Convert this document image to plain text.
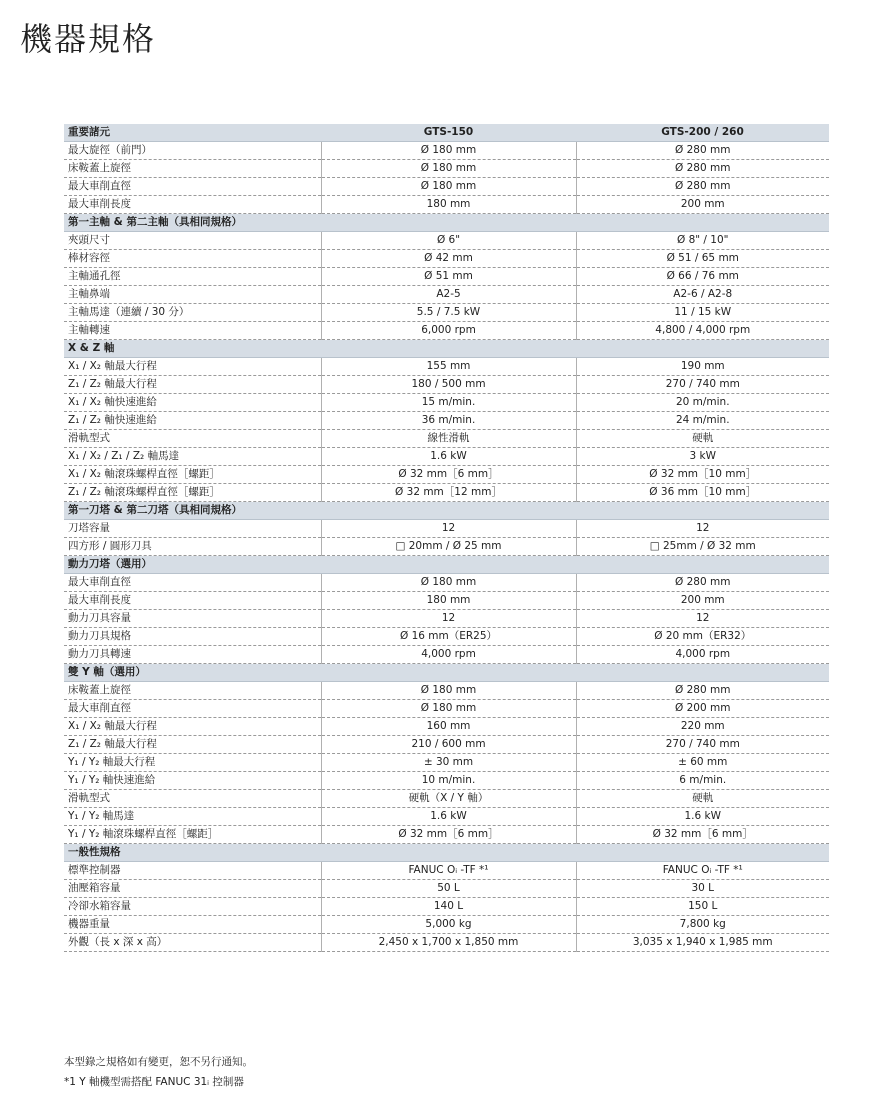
機器規格
重要諸元	GTS-150	GTS-200 / 260
最大旋徑（前門）	Ø 180 mm	Ø 280 mm
床鞍蓋上旋徑	Ø 180 mm	Ø 280 mm
最大車削直徑	Ø 180 mm	Ø 280 mm
最大車削長度	180 mm	200 mm
第一主軸 & 第二主軸（具相同規格）		
夾頭尺寸	Ø 6"	Ø 8" / 10"
棒材容徑	Ø 42 mm	Ø 51 / 65 mm
主軸通孔徑	Ø 51 mm	Ø 66 / 76 mm
主軸鼻端	A2-5	A2-6 / A2-8
主軸馬達（連續 / 30 分）	5.5 / 7.5 kW	11 / 15 kW
主軸轉速	6,000 rpm	4,800 / 4,000 rpm
X & Z 軸		
X₁ / X₂ 軸最大行程	155 mm	190 mm
Z₁ / Z₂ 軸最大行程	180 / 500 mm	270 / 740 mm
X₁ / X₂ 軸快速進給	15 m/min.	20 m/min.
Z₁ / Z₂ 軸快速進給	36 m/min.	24 m/min.
滑軌型式	線性滑軌	硬軌
X₁ / X₂ / Z₁ / Z₂ 軸馬達	1.6 kW	3 kW
X₁ / X₂ 軸滾珠螺桿直徑［螺距］	Ø 32 mm［6 mm］	Ø 32 mm［10 mm］
Z₁ / Z₂ 軸滾珠螺桿直徑［螺距］	Ø 32 mm［12 mm］	Ø 36 mm［10 mm］
第一刀塔 & 第二刀塔（具相同規格）		
刀塔容量	12	12
四方形 / 圓形刀具	□ 20mm / Ø 25 mm	□ 25mm / Ø 32 mm
動力刀塔（選用）		
最大車削直徑	Ø 180 mm	Ø 280 mm
最大車削長度	180 mm	200 mm
動力刀具容量	12	12
動力刀具規格	Ø 16 mm（ER25）	Ø 20 mm（ER32）
動力刀具轉速	4,000 rpm	4,000 rpm
雙 Y 軸（選用）		
床鞍蓋上旋徑	Ø 180 mm	Ø 280 mm
最大車削直徑	Ø 180 mm	Ø 200 mm
X₁ / X₂ 軸最大行程	160 mm	220 mm
Z₁ / Z₂ 軸最大行程	210 / 600 mm	270 / 740 mm
Y₁ / Y₂ 軸最大行程	± 30 mm	± 60 mm
Y₁ / Y₂ 軸快速進給	10 m/min.	6 m/min.
滑軌型式	硬軌（X / Y 軸）	硬軌
Y₁ / Y₂ 軸馬達	1.6 kW	1.6 kW
Y₁ / Y₂ 軸滾珠螺桿直徑［螺距］	Ø 32 mm［6 mm］	Ø 32 mm［6 mm］
一般性規格		
標準控制器	FANUC Oᵢ -TF *¹	FANUC Oᵢ -TF *¹
油壓箱容量	50 L	30 L
冷卻水箱容量	140 L	150 L
機器重量	5,000 kg	7,800 kg
外觀（長 x 深 x 高）	2,450 x 1,700 x 1,850 mm	3,035 x 1,940 x 1,985 mm
本型錄之規格如有變更，恕不另行通知。
*1 Y 軸機型需搭配 FANUC 31ᵢ 控制器
